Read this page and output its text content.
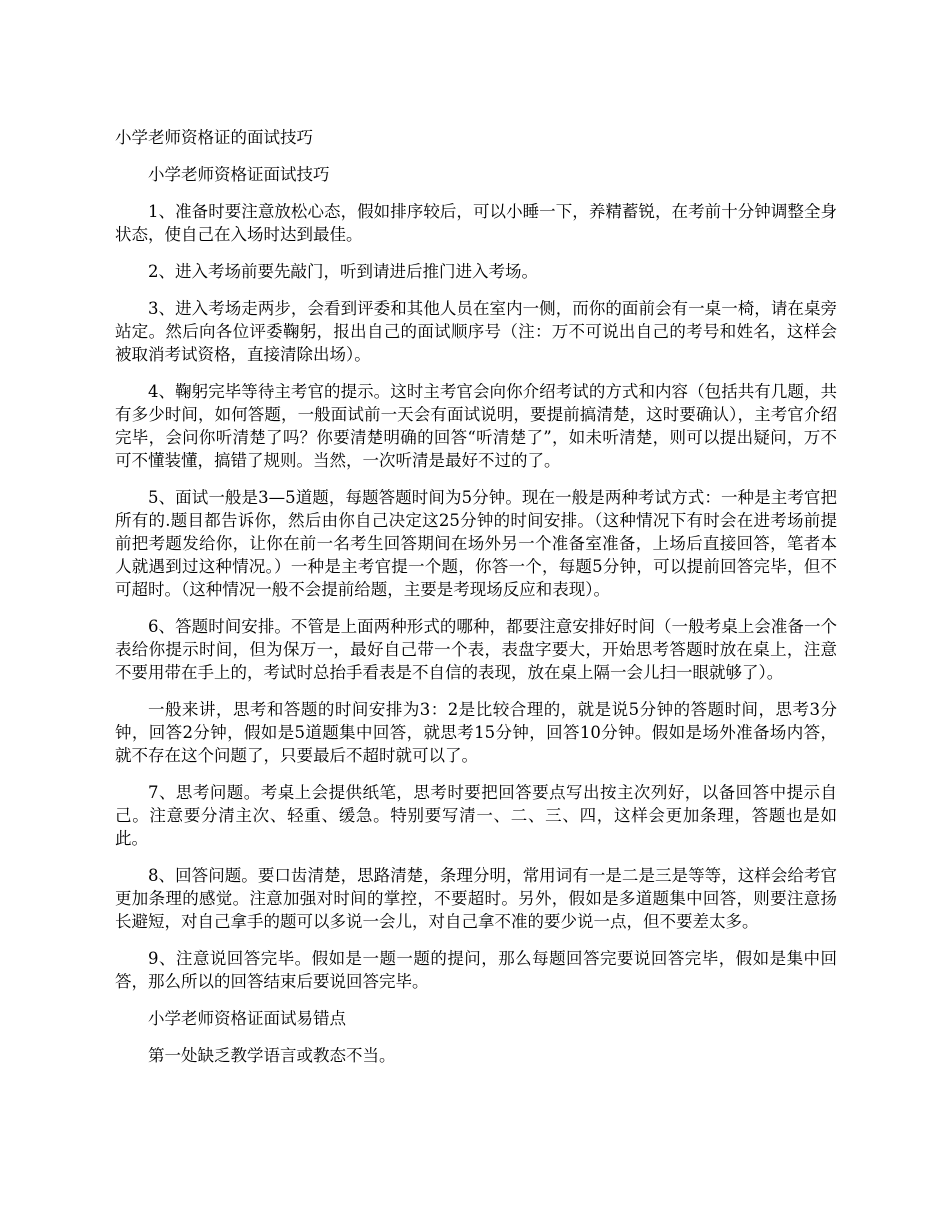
小学老师资格证的面试技巧

小学老师资格证面试技巧

1、准备时要注意放松心态，假如排序较后，可以小睡一下，养精蓄锐，在考前十分钟调整全身状态，使自己在入场时达到最佳。

2、进入考场前要先敲门，听到请进后推门进入考场。

3、进入考场走两步，会看到评委和其他人员在室内一侧，而你的面前会有一桌一椅，请在桌旁站定。然后向各位评委鞠躬，报出自己的面试顺序号（注：万不可说出自己的考号和姓名，这样会被取消考试资格，直接清除出场）。

4、鞠躬完毕等待主考官的提示。这时主考官会向你介绍考试的方式和内容（包括共有几题，共有多少时间，如何答题，一般面试前一天会有面试说明，要提前搞清楚，这时要确认），主考官介绍完毕，会问你听清楚了吗？你要清楚明确的回答“听清楚了”，如未听清楚，则可以提出疑问，万不可不懂装懂，搞错了规则。当然，一次听清是最好不过的了。

5、面试一般是3—5道题，每题答题时间为5分钟。现在一般是两种考试方式：一种是主考官把所有的.题目都告诉你，然后由你自己决定这25分钟的时间安排。（这种情况下有时会在进考场前提前把考题发给你，让你在前一名考生回答期间在场外另一个准备室准备，上场后直接回答，笔者本人就遇到过这种情况。）一种是主考官提一个题，你答一个，每题5分钟，可以提前回答完毕，但不可超时。（这种情况一般不会提前给题，主要是考现场反应和表现）。

6、答题时间安排。不管是上面两种形式的哪种，都要注意安排好时间（一般考桌上会准备一个表给你提示时间，但为保万一，最好自己带一个表，表盘字要大，开始思考答题时放在桌上，注意不要用带在手上的，考试时总抬手看表是不自信的表现，放在桌上隔一会儿扫一眼就够了）。

一般来讲，思考和答题的时间安排为3：2是比较合理的，就是说5分钟的答题时间，思考3分钟，回答2分钟，假如是5道题集中回答，就思考15分钟，回答10分钟。假如是场外准备场内答，就不存在这个问题了，只要最后不超时就可以了。

7、思考问题。考桌上会提供纸笔，思考时要把回答要点写出按主次列好，以备回答中提示自己。注意要分清主次、轻重、缓急。特别要写清一、二、三、四，这样会更加条理，答题也是如此。

8、回答问题。要口齿清楚，思路清楚，条理分明，常用词有一是二是三是等等，这样会给考官更加条理的感觉。注意加强对时间的掌控，不要超时。另外，假如是多道题集中回答，则要注意扬长避短，对自己拿手的题可以多说一会儿，对自己拿不准的要少说一点，但不要差太多。

9、注意说回答完毕。假如是一题一题的提问，那么每题回答完要说回答完毕，假如是集中回答，那么所以的回答结束后要说回答完毕。

小学老师资格证面试易错点

第一处缺乏教学语言或教态不当。
